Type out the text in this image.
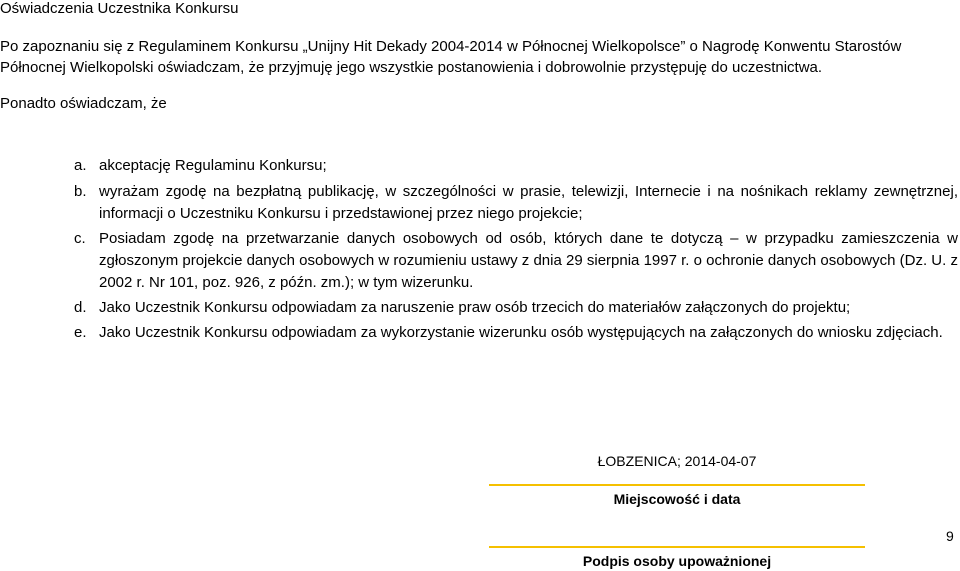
Oświadczenia Uczestnika Konkursu
Po zapoznaniu się z Regulaminem Konkursu „Unijny Hit Dekady 2004-2014 w Północnej Wielkopolsce” o Nagrodę Konwentu Starostów Północnej Wielkopolski oświadczam, że przyjmuję jego wszystkie postanowienia i dobrowolnie przystępuję do uczestnictwa.
Ponadto oświadczam, że
a. akceptację Regulaminu Konkursu;
b. wyrażam zgodę na bezpłatną publikację, w szczególności w prasie, telewizji, Internecie i na nośnikach reklamy zewnętrznej, informacji o Uczestniku Konkursu i przedstawionej przez niego projekcie;
c. Posiadam zgodę na przetwarzanie danych osobowych od osób, których dane te dotyczą – w przypadku zamieszczenia w zgłoszonym projekcie danych osobowych w rozumieniu ustawy z dnia 29 sierpnia 1997 r. o ochronie danych osobowych (Dz. U. z 2002 r. Nr 101, poz. 926, z późn. zm.); w tym wizerunku.
d. Jako Uczestnik Konkursu odpowiadam za naruszenie praw osób trzecich do materiałów załączonych do projektu;
e. Jako Uczestnik Konkursu odpowiadam za wykorzystanie wizerunku osób występujących na załączonych do wniosku zdjęciach.
ŁOBZENICA; 2014-04-07
Miejscowość i data
Podpis osoby upoważnionej
9
